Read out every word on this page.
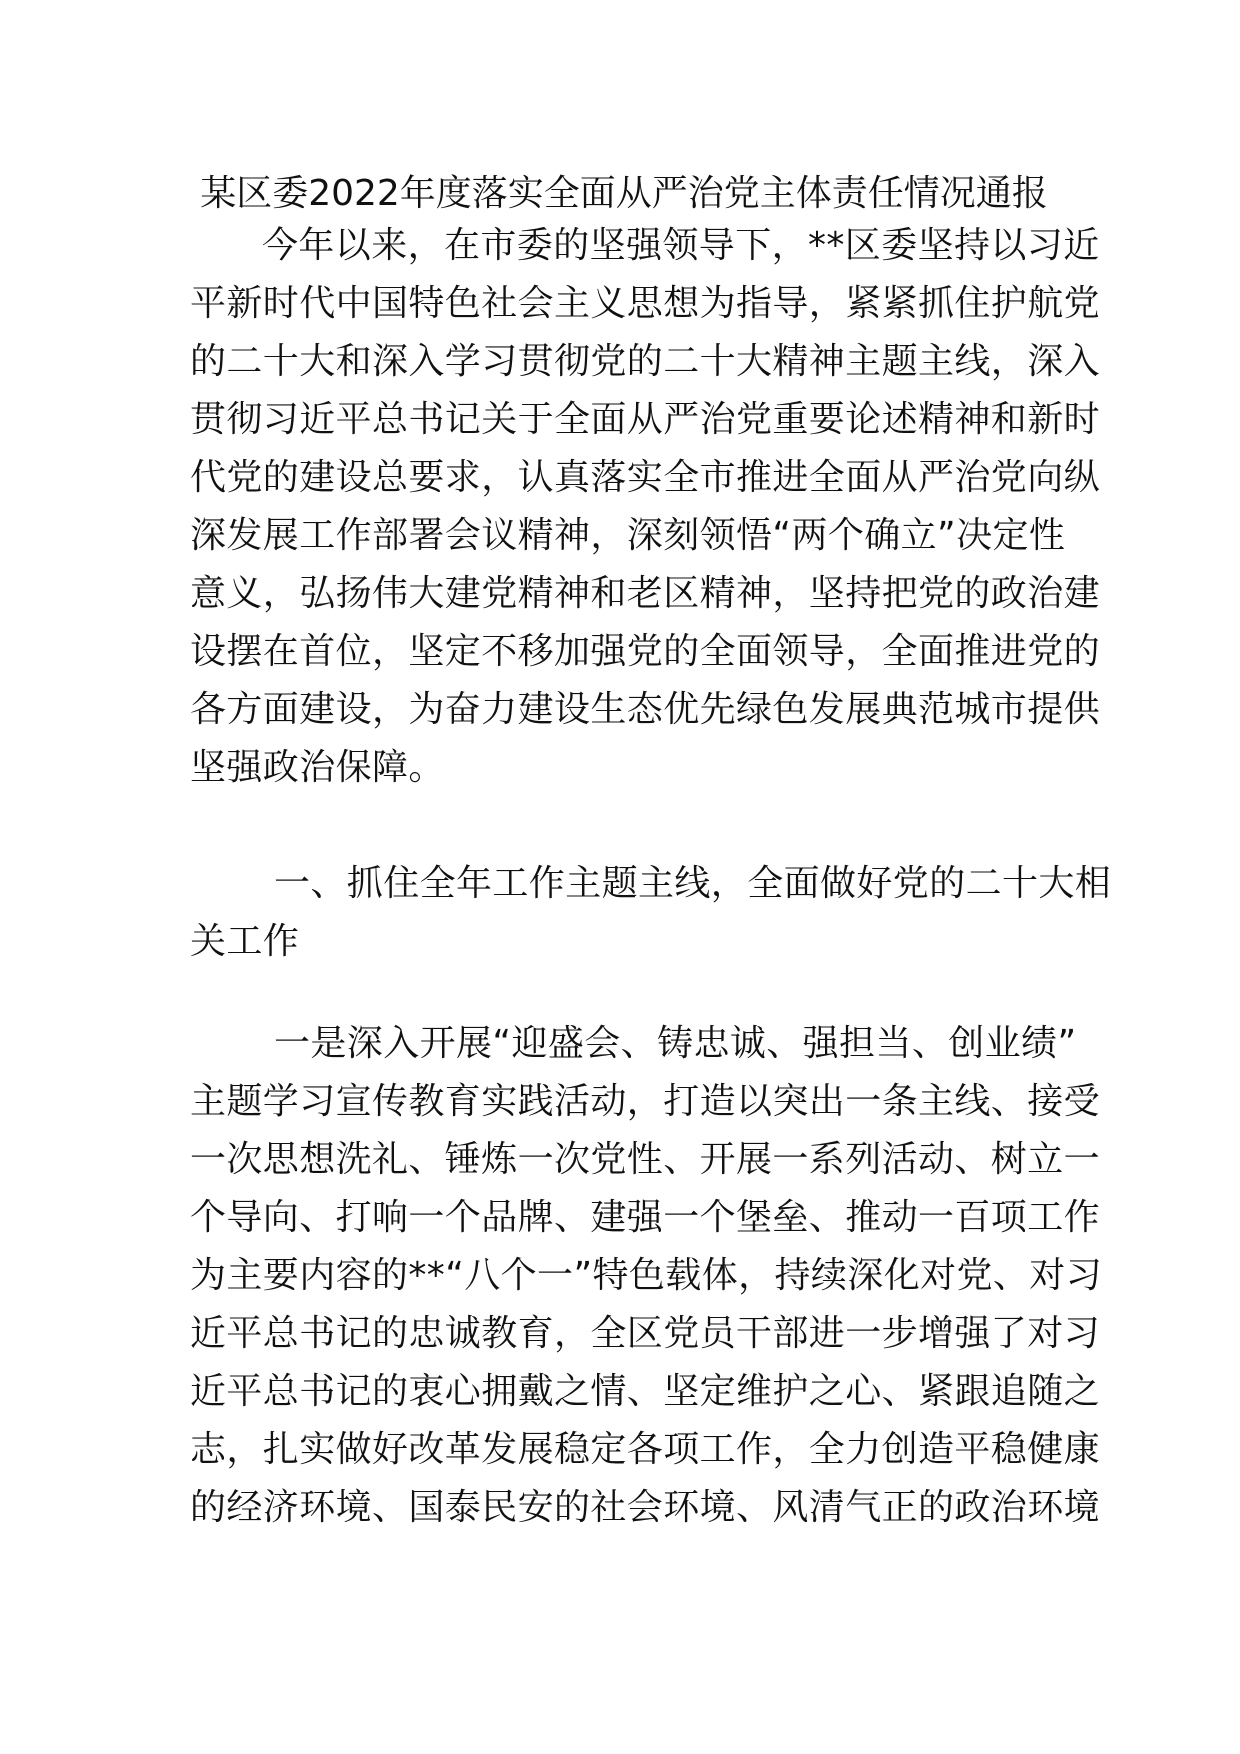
某区委2022年度落实全面从严治党主体责任情况通报
今年以来，在市委的坚强领导下，**区委坚持以习近
平新时代中国特色社会主义思想为指导，紧紧抓住护航党
的二十大和深入学习贯彻党的二十大精神主题主线，深入
贯彻习近平总书记关于全面从严治党重要论述精神和新时
代党的建设总要求，认真落实全市推进全面从严治党向纵
深发展工作部署会议精神，深刻领悟“两个确立”决定性
意义，弘扬伟大建党精神和老区精神，坚持把党的政治建
设摆在首位，坚定不移加强党的全面领导，全面推进党的
各方面建设，为奋力建设生态优先绿色发展典范城市提供
坚强政治保障。
一、抓住全年工作主题主线，全面做好党的二十大相
关工作
一是深入开展“迎盛会、铸忠诚、强担当、创业绩”
主题学习宣传教育实践活动，打造以突出一条主线、接受
一次思想洗礼、锤炼一次党性、开展一系列活动、树立一
个导向、打响一个品牌、建强一个堡垒、推动一百项工作
为主要内容的**“八个一”特色载体，持续深化对党、对习
近平总书记的忠诚教育，全区党员干部进一步增强了对习
近平总书记的衷心拥戴之情、坚定维护之心、紧跟追随之
志，扎实做好改革发展稳定各项工作，全力创造平稳健康
的经济环境、国泰民安的社会环境、风清气正的政治环境
